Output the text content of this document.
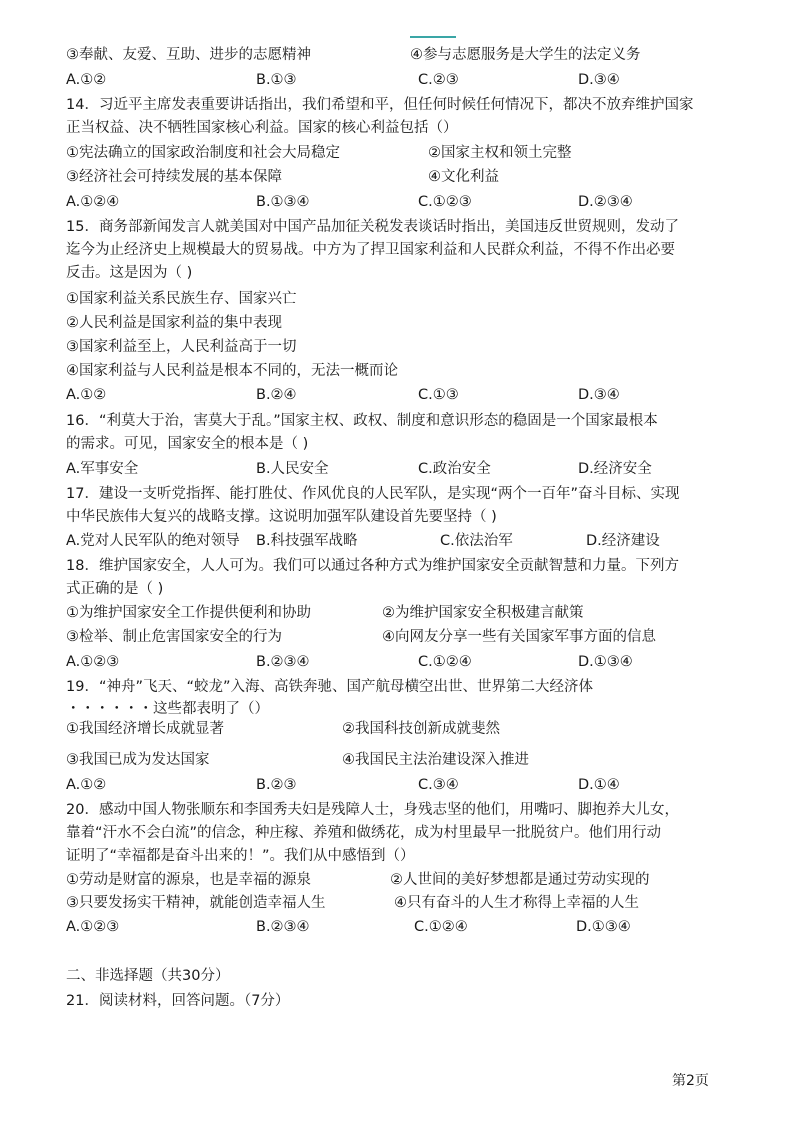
③奉献、友爱、互助、进步的志愿精神	④参与志愿服务是大学生的法定义务
A.①②	B.①③	C.②③	D.③④
14．习近平主席发表重要讲话指出，我们希望和平，但任何时候任何情况下，都决不放弃维护国家
正当权益、决不牺牲国家核心利益。国家的核心利益包括（）
①宪法确立的国家政治制度和社会大局稳定	②国家主权和领土完整
③经济社会可持续发展的基本保障	④文化利益
A.①②④	B.①③④	C.①②③	D.②③④
15．商务部新闻发言人就美国对中国产品加征关税发表谈话时指出，美国违反世贸规则，发动了
迄今为止经济史上规模最大的贸易战。中方为了捍卫国家利益和人民群众利益，不得不作出必要
反击。这是因为（ )
①国家利益关系民族生存、国家兴亡
②人民利益是国家利益的集中表现
③国家利益至上，人民利益高于一切
④国家利益与人民利益是根本不同的，无法一概而论
A.①②	B.②④	C.①③	D.③④
16．“利莫大于治，害莫大于乱。”国家主权、政权、制度和意识形态的稳固是一个国家最根本
的需求。可见，国家安全的根本是（ )
A.军事安全	B.人民安全	C.政治安全	D.经济安全
17．建设一支听党指挥、能打胜仗、作风优良的人民军队，是实现“两个一百年”奋斗目标、实现
中华民族伟大复兴的战略支撑。这说明加强军队建设首先要坚持（ )
A.党对人民军队的绝对领导 B.科技强军战略	C.依法治军	D.经济建设
18．维护国家安全，人人可为。我们可以通过各种方式为维护国家安全贡献智慧和力量。下列方
式正确的是（ )
①为维护国家安全工作提供便利和协助	②为维护国家安全积极建言献策
③检举、制止危害国家安全的行为	④向网友分享一些有关国家军事方面的信息
A.①②③	B.②③④	C.①②④	D.①③④
19．“神舟”飞天、“蛟龙”入海、高铁奔驰、国产航母横空出世、世界第二大经济体
・・・・・・这些都表明了（）
①我国经济增长成就显著	②我国科技创新成就斐然
③我国已成为发达国家	④我国民主法治建设深入推进
A.①②	B.②③	C.③④	D.①④
20．感动中国人物张顺东和李国秀夫妇是残障人士，身残志坚的他们，用嘴叼、脚抱养大儿女，
靠着“汗水不会白流”的信念，种庄稼、养殖和做绣花，成为村里最早一批脱贫户。他们用行动
证明了“幸福都是奋斗出来的！”。我们从中感悟到（）
①劳动是财富的源泉，也是幸福的源泉	②人世间的美好梦想都是通过劳动实现的
③只要发扬实干精神，就能创造幸福人生	④只有奋斗的人生才称得上幸福的人生
A.①②③	B.②③④	C.①②④	D.①③④
二、非选择题（共30分）
21．阅读材料，回答问题。（7分）
第2页
